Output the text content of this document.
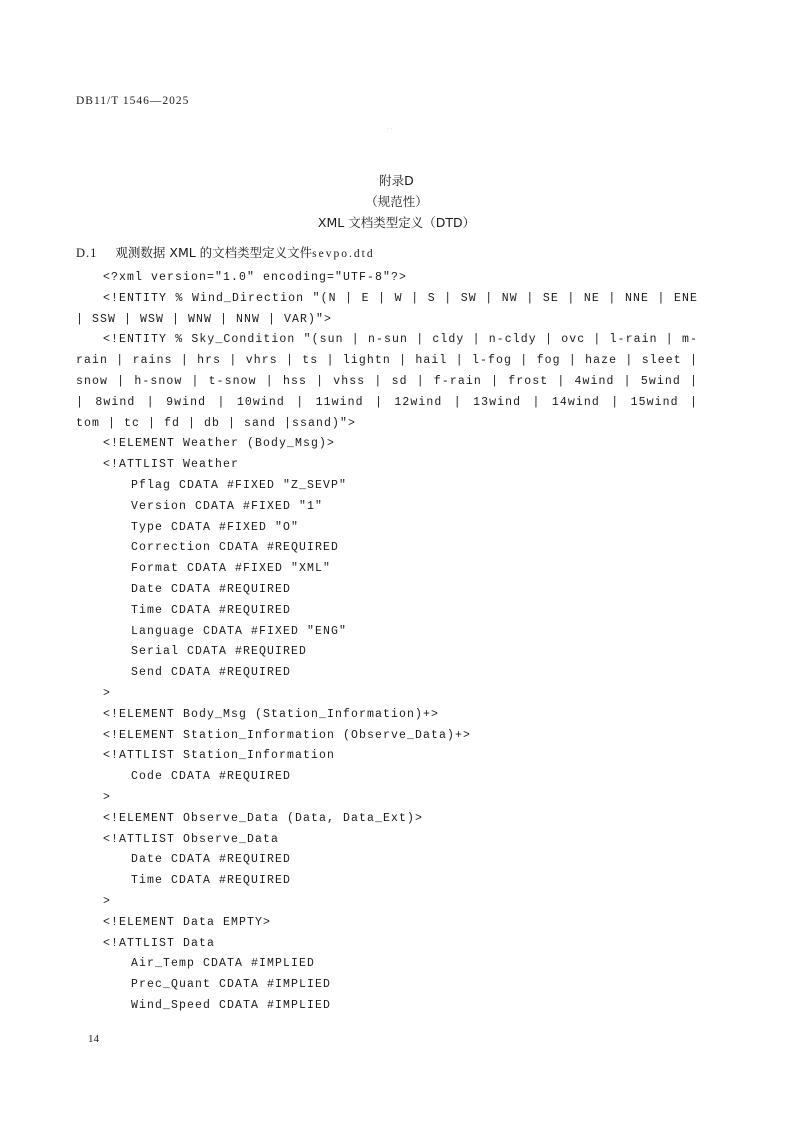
DB11/T 1546—2025
· ·
附录D
（规范性）
XML 文档类型定义（DTD）
D.1 观测数据 XML 的文档类型定义文件sevpo.dtd
<?xml version="1.0" encoding="UTF-8"?>
<!ENTITY % Wind_Direction "(N | E | W | S | SW | NW | SE | NE | NNE | ENE
| SSW | WSW | WNW | NNW | VAR)">
<!ENTITY % Sky_Condition "(sun | n-sun | cldy | n-cldy | ovc | l-rain | m-
rain | rains | hrs | vhrs | ts | lightn | hail | l-fog | fog | haze | sleet |
snow | h-snow | t-snow | hss | vhss | sd | f-rain | frost | 4wind | 5wind |
| 8wind | 9wind | 10wind | 11wind | 12wind | 13wind | 14wind | 15wind |
tom | tc | fd | db | sand |ssand)">
<!ELEMENT Weather (Body_Msg)>
<!ATTLIST Weather
Pflag CDATA #FIXED "Z_SEVP"
Version CDATA #FIXED "1"
Type CDATA #FIXED "O"
Correction CDATA #REQUIRED
Format CDATA #FIXED "XML"
Date CDATA #REQUIRED
Time CDATA #REQUIRED
Language CDATA #FIXED "ENG"
Serial CDATA #REQUIRED
Send CDATA #REQUIRED
>
<!ELEMENT Body_Msg (Station_Information)+>
<!ELEMENT Station_Information (Observe_Data)+>
<!ATTLIST Station_Information
Code CDATA #REQUIRED
>
<!ELEMENT Observe_Data (Data, Data_Ext)>
<!ATTLIST Observe_Data
Date CDATA #REQUIRED
Time CDATA #REQUIRED
>
<!ELEMENT Data EMPTY>
<!ATTLIST Data
Air_Temp CDATA #IMPLIED
Prec_Quant CDATA #IMPLIED
Wind_Speed CDATA #IMPLIED
14
